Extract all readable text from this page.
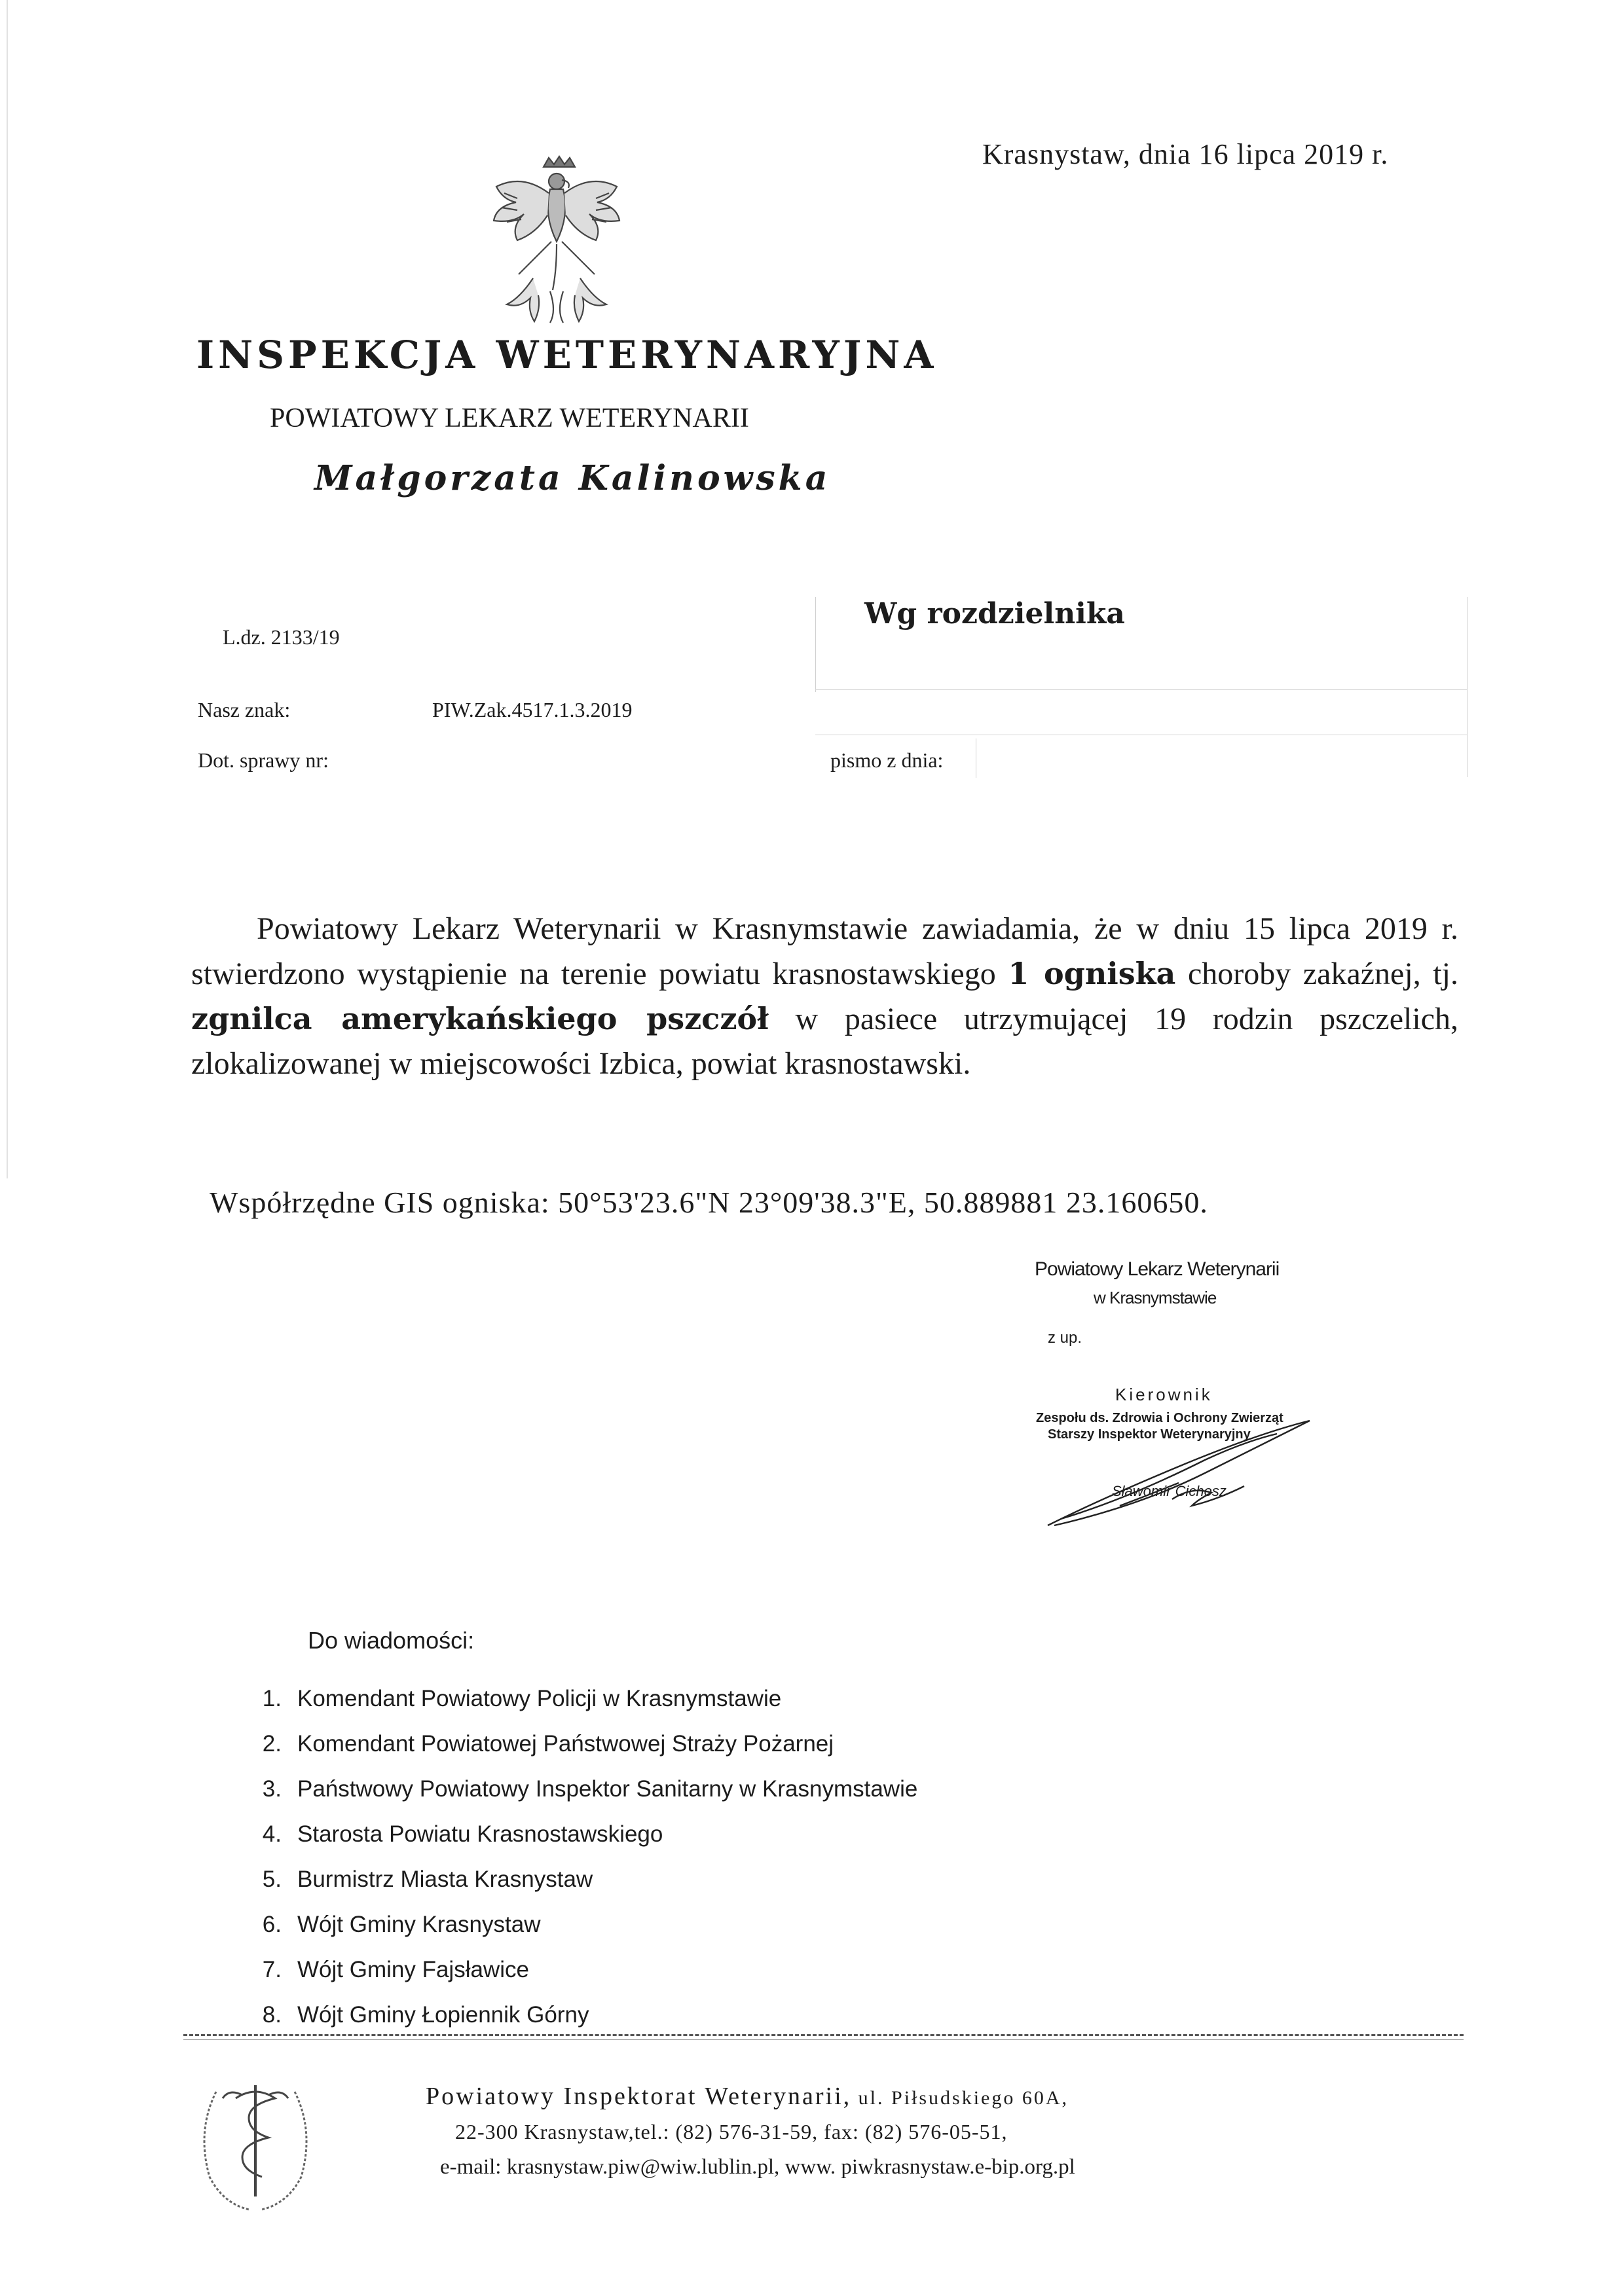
Krasnystaw, dnia 16 lipca 2019 r.
INSPEKCJA WETERYNARYJNA
POWIATOWY LEKARZ WETERYNARII
Małgorzata Kalinowska
L.dz. 2133/19
Wg rozdzielnika
Nasz znak:	PIW.Zak.4517.1.3.2019
Dot. sprawy nr:	pismo z dnia:
Powiatowy Lekarz Weterynarii w Krasnymstawie zawiadamia, że w dniu 15 lipca 2019 r. stwierdzono wystąpienie na terenie powiatu krasnostawskiego 1 ogniska choroby zakaźnej, tj. zgnilca amerykańskiego pszczół w pasiece utrzymującej 19 rodzin pszczelich, zlokalizowanej w miejscowości Izbica, powiat krasnostawski.
Współrzędne GIS ogniska: 50°53'23.6"N 23°09'38.3"E, 50.889881 23.160650.
Powiatowy Lekarz Weterynarii
w Krasnymstawie
z up.
Kierownik
Zespołu ds. Zdrowia i Ochrony Zwierząt
Starszy Inspektor Weterynaryjny
Sławomir Cichosz
Do wiadomości:
1. Komendant Powiatowy Policji w Krasnymstawie
2. Komendant Powiatowej Państwowej Straży Pożarnej
3. Państwowy Powiatowy Inspektor Sanitarny w Krasnymstawie
4. Starosta Powiatu Krasnostawskiego
5. Burmistrz Miasta Krasnystaw
6. Wójt Gminy Krasnystaw
7. Wójt Gminy Fajsławice
8. Wójt Gminy Łopiennik Górny
Powiatowy Inspektorat Weterynarii, ul. Piłsudskiego 60A,
22-300 Krasnystaw,tel.: (82) 576-31-59, fax: (82) 576-05-51,
e-mail: krasnystaw.piw@wiw.lublin.pl, www. piwkrasnystaw.e-bip.org.pl
